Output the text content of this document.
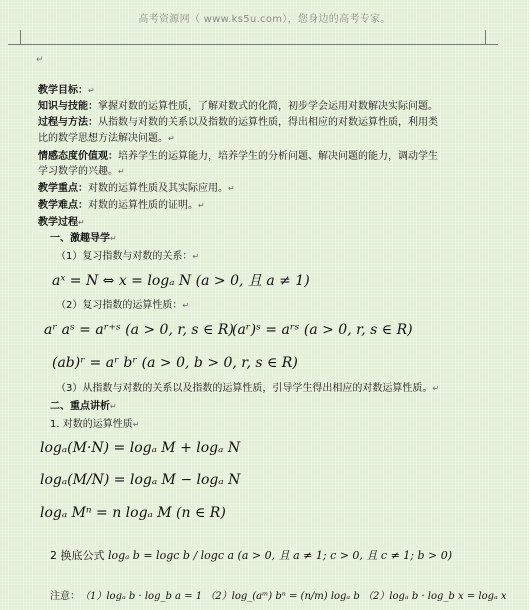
高考资源网（ www.ks5u.com），您身边的高考专家。
↵
教学目标：↵
知识与技能：掌握对数的运算性质，了解对数式的化简，初步学会运用对数解决实际问题。
过程与方法：从指数与对数的关系以及指数的运算性质，得出相应的对数运算性质，利用类
比的数学思想方法解决问题。↵
情感态度价值观：培养学生的运算能力，培养学生的分析问题、解决问题的能力，调动学生
学习数学的兴趣。↵
教学重点：对数的运算性质及其实际应用。↵
教学难点：对数的运算性质的证明。↵
教学过程↵
一、激趣导学↵
（1）复习指数与对数的关系：↵
aˣ = N ⇔ x = logₐ N (a > 0, 且 a ≠ 1)
（2）复习指数的运算性质：↵
aʳ aˢ = aʳ⁺ˢ (a > 0, r, s ∈ R)
(aʳ)ˢ = aʳˢ (a > 0, r, s ∈ R)
(ab)ʳ = aʳ bʳ (a > 0, b > 0, r, s ∈ R)
（3）从指数与对数的关系以及指数的运算性质，引导学生得出相应的对数运算性质。↵
二、重点讲析↵
1. 对数的运算性质↵
logₐ(M·N) = logₐ M + logₐ N
logₐ(M/N) = logₐ M − logₐ N
logₐ Mⁿ = n logₐ M (n ∈ R)
2 换底公式 logₐ b = logc b / logc a (a > 0, 且 a ≠ 1; c > 0, 且 c ≠ 1; b > 0)
注意：（1）logₐ b · log_b a = 1 （2）log_(aᵐ) bⁿ = (n/m) logₐ b （2）logₐ b · log_b x = logₐ x
